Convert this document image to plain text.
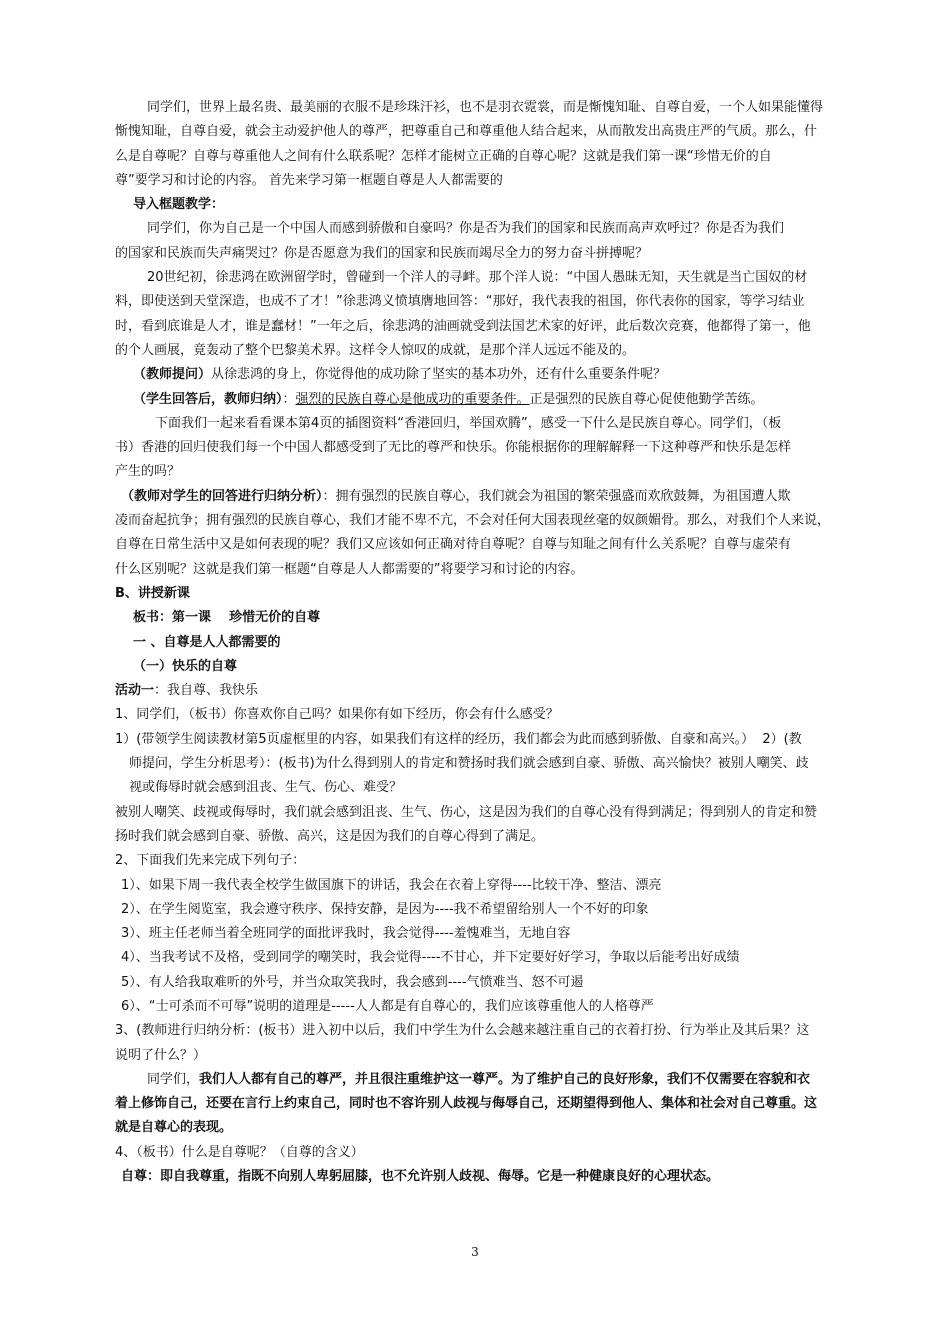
同学们，世界上最名贵、最美丽的衣服不是珍珠汗衫，也不是羽衣霓裳，而是惭愧知耻、自尊自爱，一个人如果能懂得
惭愧知耻，自尊自爱，就会主动爱护他人的尊严，把尊重自己和尊重他人结合起来，从而散发出高贵庄严的气质。那么，什
么是自尊呢？自尊与尊重他人之间有什么联系呢？怎样才能树立正确的自尊心呢？这就是我们第一课“珍惜无价的自
尊”要学习和讨论的内容。 首先来学习第一框题自尊是人人都需要的
导入框题教学：
同学们，你为自己是一个中国人而感到骄傲和自豪吗？你是否为我们的国家和民族而高声欢呼过？你是否为我们
的国家和民族而失声痛哭过？你是否愿意为我们的国家和民族而竭尽全力的努力奋斗拼搏呢？
20世纪初，徐悲鸿在欧洲留学时，曾碰到一个洋人的寻衅。那个洋人说：“中国人愚昧无知，天生就是当亡国奴的材
料，即使送到天堂深造，也成不了才！”徐悲鸿义愤填膺地回答：“那好，我代表我的祖国，你代表你的国家，等学习结业
时，看到底谁是人才，谁是蠢材！”一年之后，徐悲鸿的油画就受到法国艺术家的好评，此后数次竞赛，他都得了第一，他
的个人画展，竟轰动了整个巴黎美术界。这样令人惊叹的成就，是那个洋人远远不能及的。
（教师提问）从徐悲鸿的身上，你觉得他的成功除了坚实的基本功外，还有什么重要条件呢？
（学生回答后，教师归纳）：强烈的民族自尊心是他成功的重要条件。正是强烈的民族自尊心促使他勤学苦练。
下面我们一起来看看课本第4页的插图资料“香港回归，举国欢腾”，感受一下什么是民族自尊心。同学们，（板
书）香港的回归使我们每一个中国人都感受到了无比的尊严和快乐。你能根据你的理解解释一下这种尊严和快乐是怎样
产生的吗？
（教师对学生的回答进行归纳分析）：拥有强烈的民族自尊心，我们就会为祖国的繁荣强盛而欢欣鼓舞，为祖国遭人欺
凌而奋起抗争；拥有强烈的民族自尊心，我们才能不卑不亢，不会对任何大国表现丝毫的奴颜媚骨。那么，对我们个人来说，
自尊在日常生活中又是如何表现的呢？我们又应该如何正确对待自尊呢？自尊与知耻之间有什么关系呢？自尊与虚荣有
什么区别呢？这就是我们第一框题“自尊是人人都需要的”将要学习和讨论的内容。
B、讲授新课
板书：第一课    珍惜无价的自尊
一 、自尊是人人都需要的
（一）快乐的自尊
活动一：我自尊、我快乐
1、同学们，（板书）你喜欢你自己吗？如果你有如下经历，你会有什么感受？
1）(带领学生阅读教材第5页虚框里的内容，如果我们有这样的经历，我们都会为此而感到骄傲、自豪和高兴。）  2）(教
师提问，学生分析思考）：(板书)为什么得到别人的肯定和赞扬时我们就会感到自豪、骄傲、高兴愉快？被别人嘲笑、歧
视或侮辱时就会感到沮丧、生气、伤心、难受？
被别人嘲笑、歧视或侮辱时，我们就会感到沮丧、生气、伤心，这是因为我们的自尊心没有得到满足；得到别人的肯定和赞
扬时我们就会感到自豪、骄傲、高兴，这是因为我们的自尊心得到了满足。
2、下面我们先来完成下列句子：
1）、如果下周一我代表全校学生做国旗下的讲话，我会在衣着上穿得----比较干净、整洁、漂亮
2）、在学生阅览室，我会遵守秩序、保持安静，是因为----我不希望留给别人一个不好的印象
3）、班主任老师当着全班同学的面批评我时，我会觉得----羞愧难当，无地自容
4）、当我考试不及格，受到同学的嘲笑时，我会觉得----不甘心，并下定要好好学习，争取以后能考出好成绩
5）、有人给我取难听的外号，并当众取笑我时，我会感到----气愤难当、怒不可遏
6）、“士可杀而不可辱”说明的道理是-----人人都是有自尊心的，我们应该尊重他人的人格尊严
3、(教师进行归纳分析：(板书）进入初中以后，我们中学生为什么会越来越注重自己的衣着打扮、行为举止及其后果？这
说明了什么？）
同学们，我们人人都有自己的尊严，并且很注重维护这一尊严。为了维护自己的良好形象，我们不仅需要在容貌和衣
着上修饰自己，还要在言行上约束自己，同时也不容许别人歧视与侮辱自己，还期望得到他人、集体和社会对自己尊重。这
就是自尊心的表现。
4、（板书）什么是自尊呢？（自尊的含义）
自尊：即自我尊重，指既不向别人卑躬屈膝，也不允许别人歧视、侮辱。它是一种健康良好的心理状态。
3
